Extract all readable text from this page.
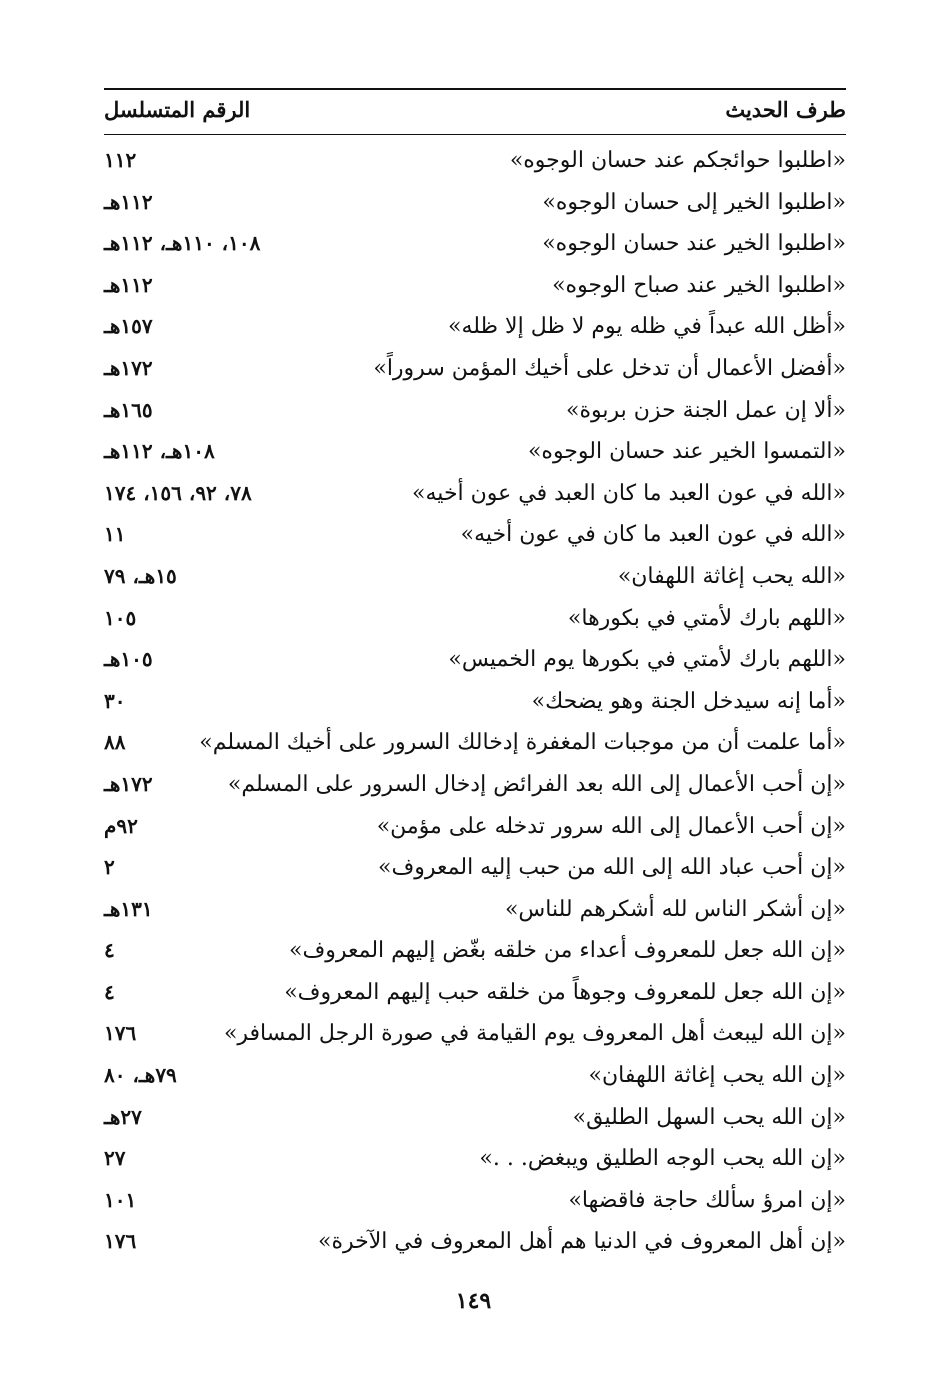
طرف الحديث
الرقم المتسلسل
«اطلبوا حوائجكم عند حسان الوجوه»
١١٢
«اطلبوا الخير إلى حسان الوجوه»
١١٢هـ
«اطلبوا الخير عند حسان الوجوه»
١٠٨، ١١٠هـ، ١١٢هـ
«اطلبوا الخير عند صباح الوجوه»
١١٢هـ
«أظل الله عبداً في ظله يوم لا ظل إلا ظله»
١٥٧هـ
«أفضل الأعمال أن تدخل على أخيك المؤمن سروراً»
١٧٢هـ
«ألا إن عمل الجنة حزن بربوة»
١٦٥هـ
«التمسوا الخير عند حسان الوجوه»
١٠٨هـ، ١١٢هـ
«الله في عون العبد ما كان العبد في عون أخيه»
٧٨، ٩٢، ١٥٦، ١٧٤
«الله في عون العبد ما كان في عون أخيه»
١١
«الله يحب إغاثة اللهفان»
١٥هـ، ٧٩
«اللهم بارك لأمتي في بكورها»
١٠٥
«اللهم بارك لأمتي في بكورها يوم الخميس»
١٠٥هـ
«أما إنه سيدخل الجنة وهو يضحك»
٣٠
«أما علمت أن من موجبات المغفرة إدخالك السرور على أخيك المسلم»
٨٨
«إن أحب الأعمال إلى الله بعد الفرائض إدخال السرور على المسلم»
١٧٢هـ
«إن أحب الأعمال إلى الله سرور تدخله على مؤمن»
٩٢م
«إن أحب عباد الله إلى الله من حبب إليه المعروف»
٢
«إن أشكر الناس لله أشكرهم للناس»
١٣١هـ
«إن الله جعل للمعروف أعداء من خلقه بغّض إليهم المعروف»
٤
«إن الله جعل للمعروف وجوهاً من خلقه حبب إليهم المعروف»
٤
«إن الله ليبعث أهل المعروف يوم القيامة في صورة الرجل المسافر»
١٧٦
«إن الله يحب إغاثة اللهفان»
٧٩هـ، ٨٠
«إن الله يحب السهل الطليق»
٢٧هـ
«إن الله يحب الوجه الطليق ويبغض. . .»
٢٧
«إن امرؤ سألك حاجة فاقضها»
١٠١
«إن أهل المعروف في الدنيا هم أهل المعروف في الآخرة»
١٧٦
١٤٩
